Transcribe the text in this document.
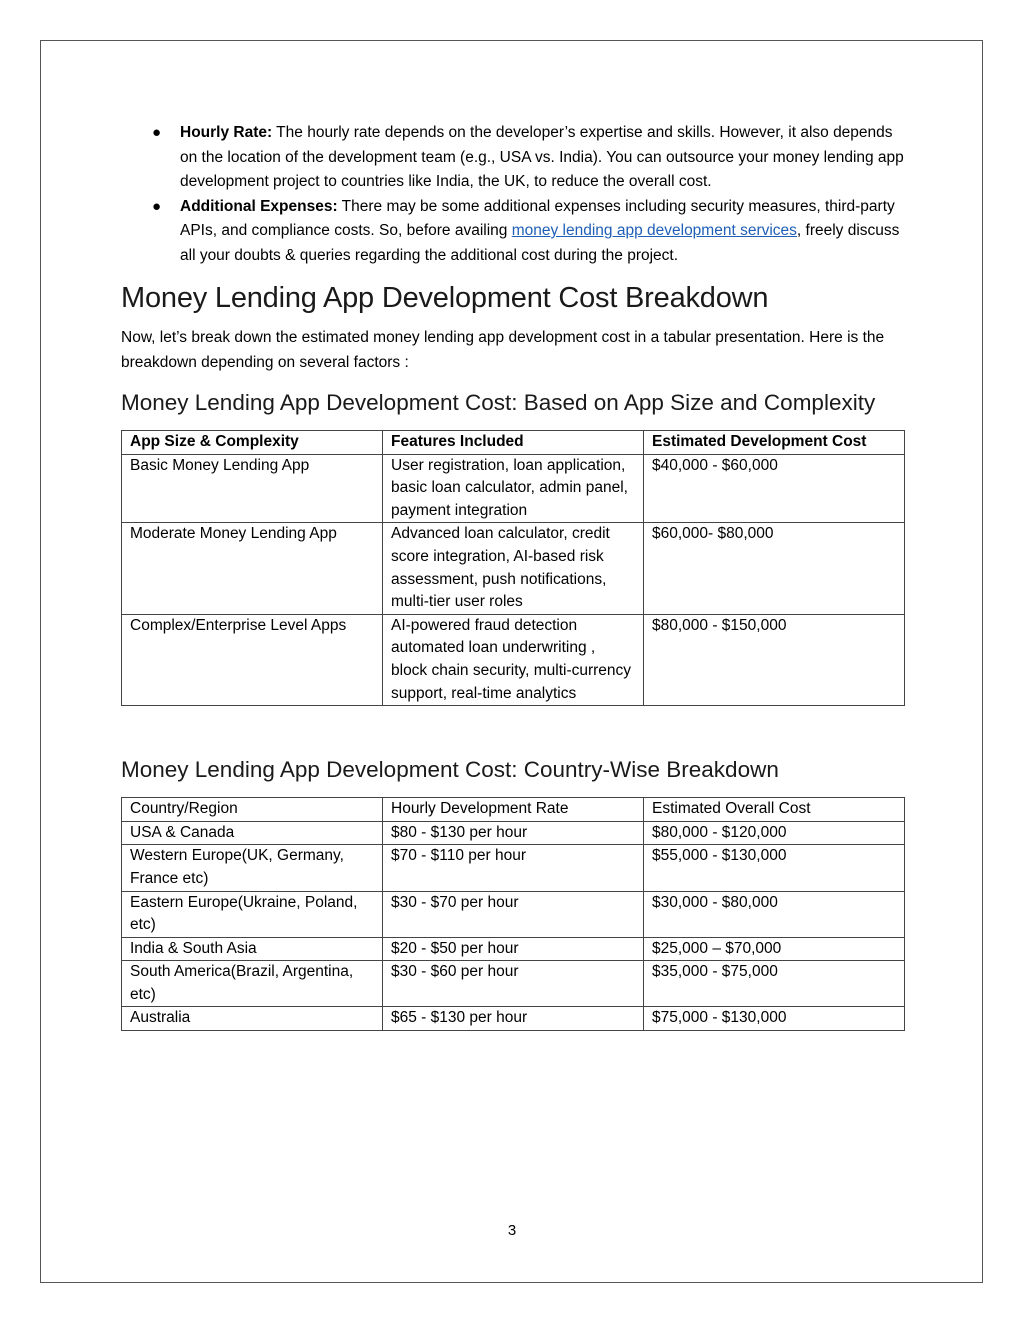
● Hourly Rate: The hourly rate depends on the developer’s expertise and skills. However, it also depends on the location of the development team (e.g., USA vs. India). You can outsource your money lending app development project to countries like India, the UK, to reduce the overall cost.
● Additional Expenses: There may be some additional expenses including security measures, third-party APIs, and compliance costs. So, before availing money lending app development services, freely discuss all your doubts & queries regarding the additional cost during the project.
Money Lending App Development Cost Breakdown

Now, let’s break down the estimated money lending app development cost in a tabular presentation. Here is the breakdown depending on several factors :

Money Lending App Development Cost: Based on App Size and Complexity
App Size & Complexity	Features Included	Estimated Development Cost
Basic Money Lending App	User registration, loan application, basic loan calculator, admin panel, payment integration	$40,000 - $60,000
Moderate Money Lending App	Advanced loan calculator, credit score integration, AI-based risk assessment, push notifications, multi-tier user roles	$60,000- $80,000
Complex/Enterprise Level Apps	AI-powered fraud detection automated loan underwriting , block chain security, multi-currency support, real-time analytics	$80,000 - $150,000
Money Lending App Development Cost: Country-Wise Breakdown
Country/Region	Hourly Development Rate	Estimated Overall Cost
USA & Canada	$80 - $130 per hour	$80,000 - $120,000
Western Europe(UK, Germany, France etc)	$70 - $110 per hour	$55,000 - $130,000
Eastern Europe(Ukraine, Poland, etc)	$30 - $70 per hour	$30,000 - $80,000
India & South Asia	$20 - $50 per hour	$25,000 – $70,000
South America(Brazil, Argentina, etc)	$30 - $60 per hour	$35,000 - $75,000
Australia	$65 - $130 per hour	$75,000 - $130,000
3
